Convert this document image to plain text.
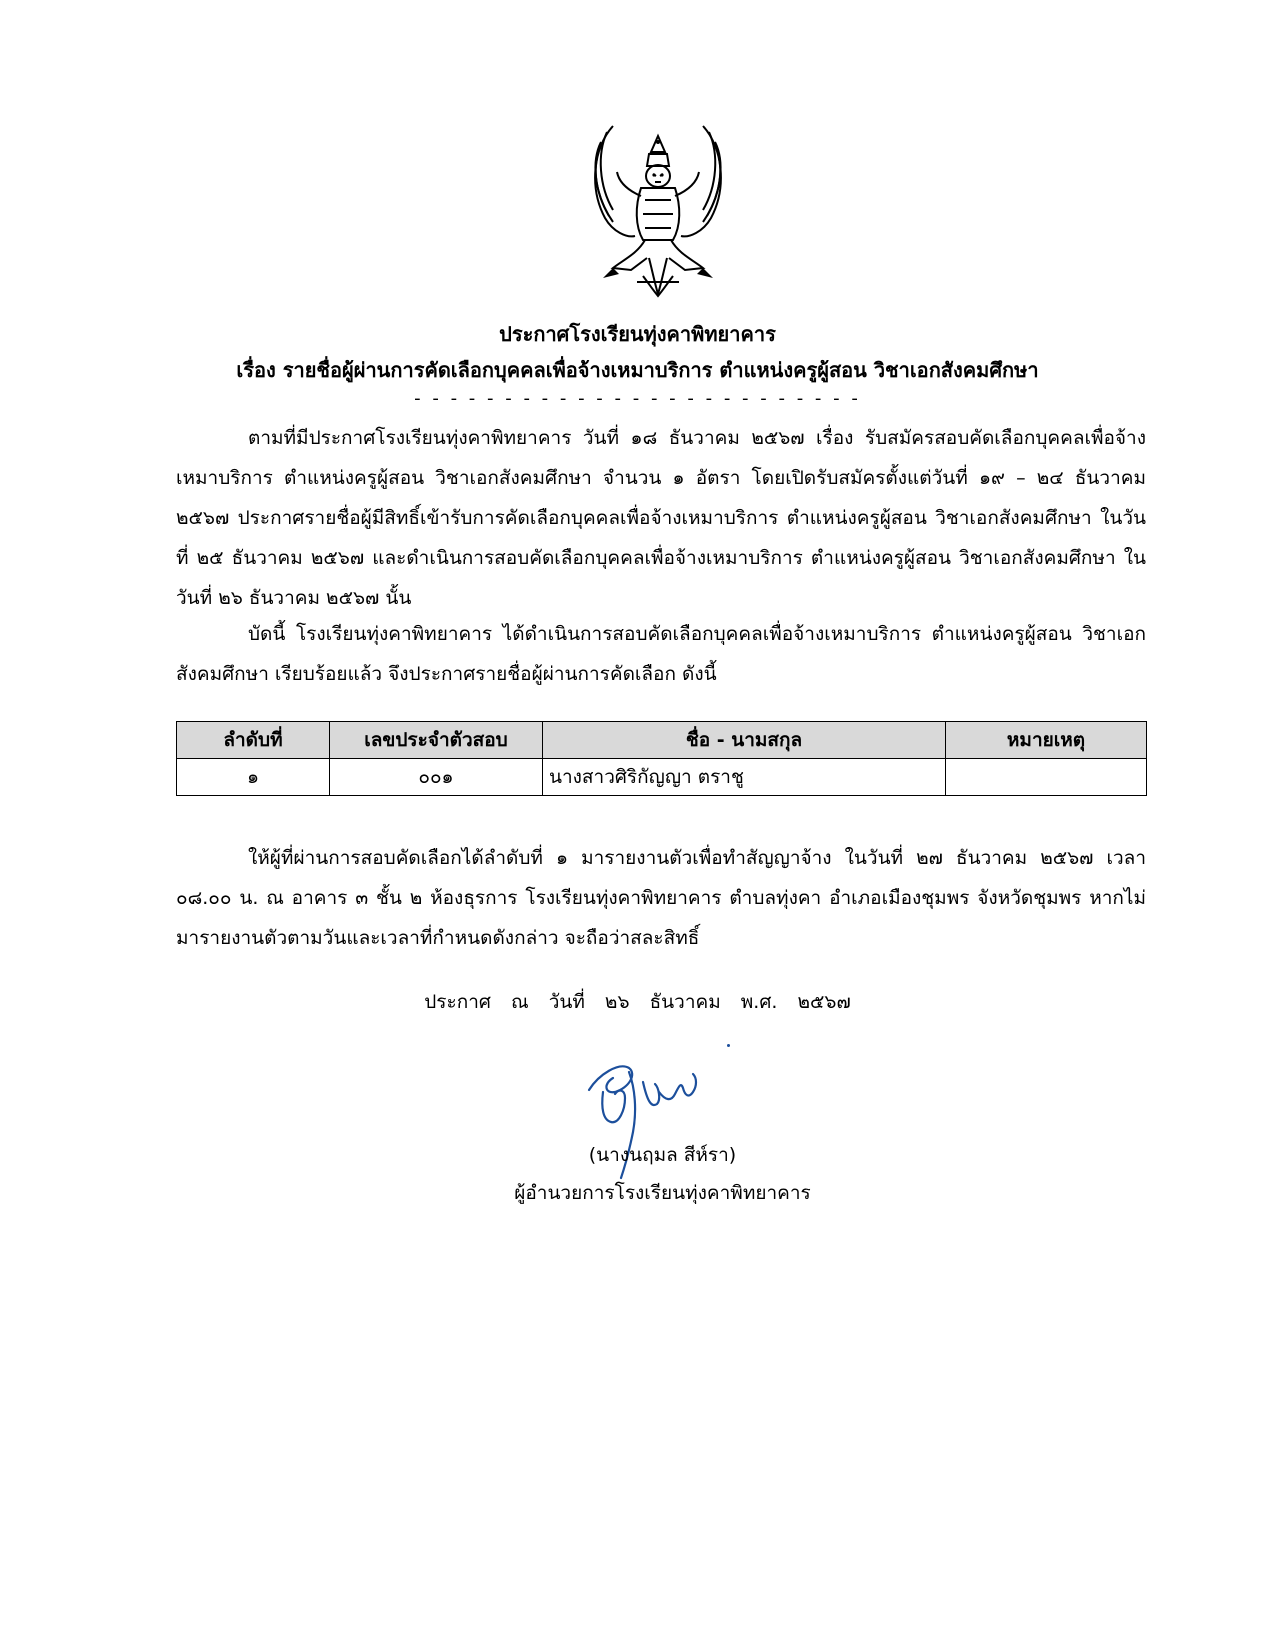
ประกาศโรงเรียนทุ่งคาพิทยาคาร
เรื่อง รายชื่อผู้ผ่านการคัดเลือกบุคคลเพื่อจ้างเหมาบริการ ตำแหน่งครูผู้สอน วิชาเอกสังคมศึกษา
- - - - - - - - - - - - - - - - - - - - - - - - -

ตามที่มีประกาศโรงเรียนทุ่งคาพิทยาคาร วันที่ ๑๘ ธันวาคม ๒๕๖๗ เรื่อง รับสมัครสอบคัดเลือกบุคคลเพื่อจ้างเหมาบริการ ตำแหน่งครูผู้สอน วิชาเอกสังคมศึกษา จำนวน ๑ อัตรา โดยเปิดรับสมัครตั้งแต่วันที่ ๑๙ – ๒๔ ธันวาคม ๒๕๖๗ ประกาศรายชื่อผู้มีสิทธิ์เข้ารับการคัดเลือกบุคคลเพื่อจ้างเหมาบริการ ตำแหน่งครูผู้สอน วิชาเอกสังคมศึกษา ในวันที่ ๒๕ ธันวาคม ๒๕๖๗ และดำเนินการสอบคัดเลือกบุคคลเพื่อจ้างเหมาบริการ ตำแหน่งครูผู้สอน วิชาเอกสังคมศึกษา ในวันที่ ๒๖ ธันวาคม ๒๕๖๗ นั้น

บัดนี้ โรงเรียนทุ่งคาพิทยาคาร ได้ดำเนินการสอบคัดเลือกบุคคลเพื่อจ้างเหมาบริการ ตำแหน่งครูผู้สอน วิชาเอกสังคมศึกษา เรียบร้อยแล้ว จึงประกาศรายชื่อผู้ผ่านการคัดเลือก ดังนี้

ลำดับที่	เลขประจำตัวสอบ	ชื่อ - นามสกุล	หมายเหตุ
๑	๐๐๑	นางสาวศิริกัญญา ตราชู	

ให้ผู้ที่ผ่านการสอบคัดเลือกได้ลำดับที่ ๑ มารายงานตัวเพื่อทำสัญญาจ้าง ในวันที่ ๒๗ ธันวาคม ๒๕๖๗ เวลา ๐๘.๐๐ น. ณ อาคาร ๓ ชั้น ๒ ห้องธุรการ โรงเรียนทุ่งคาพิทยาคาร ตำบลทุ่งคา อำเภอเมืองชุมพร จังหวัดชุมพร หากไม่มารายงานตัวตามวันและเวลาที่กำหนดดังกล่าว จะถือว่าสละสิทธิ์

ประกาศ ณ วันที่ ๒๖ ธันวาคม พ.ศ. ๒๕๖๗
(นางนฤมล สีห์รา)
ผู้อำนวยการโรงเรียนทุ่งคาพิทยาคาร
